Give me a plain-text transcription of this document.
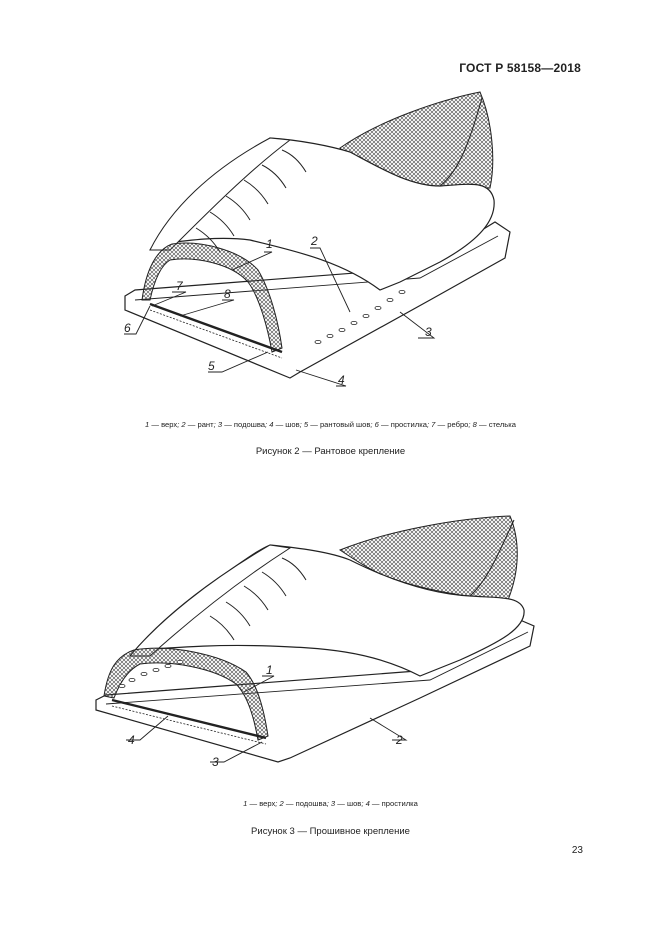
ГОСТ Р 58158—2018
1	2
3
4
5
6
7
8
1 — верх; 2 — рант; 3 — подошва; 4 — шов; 5 — рантовый шов; 6 — простилка; 7 — ребро; 8 — стелька
Рисунок 2 — Рантовое крепление
1
2
3
4
1 — верх; 2 — подошва; 3 — шов; 4 — простилка
Рисунок 3 — Прошивное крепление
23
